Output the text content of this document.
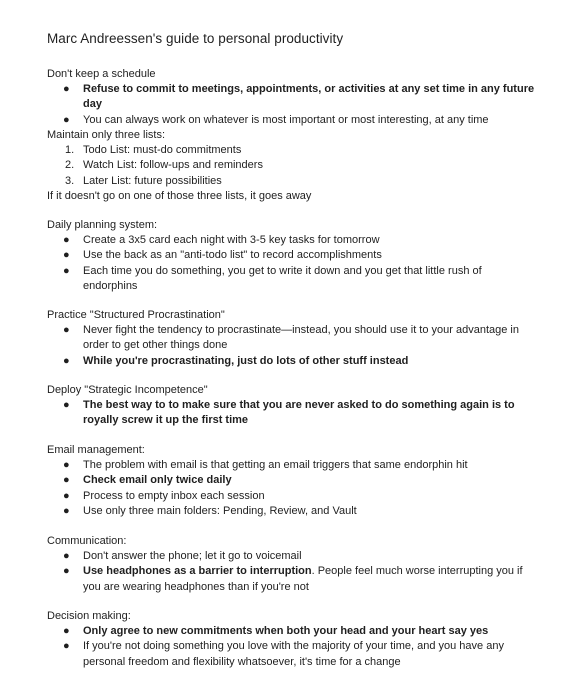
Marc Andreessen's guide to personal productivity
Don't keep a schedule
● Refuse to commit to meetings, appointments, or activities at any set time in any future day
● You can always work on whatever is most important or most interesting, at any time
Maintain only three lists:
1. Todo List: must-do commitments
2. Watch List: follow-ups and reminders
3. Later List: future possibilities
If it doesn't go on one of those three lists, it goes away
Daily planning system:
● Create a 3x5 card each night with 3-5 key tasks for tomorrow
● Use the back as an "anti-todo list" to record accomplishments
● Each time you do something, you get to write it down and you get that little rush of endorphins
Practice "Structured Procrastination"
● Never fight the tendency to procrastinate—instead, you should use it to your advantage in order to get other things done
● While you're procrastinating, just do lots of other stuff instead
Deploy "Strategic Incompetence"
● The best way to to make sure that you are never asked to do something again is to royally screw it up the first time
Email management:
● The problem with email is that getting an email triggers that same endorphin hit
● Check email only twice daily
● Process to empty inbox each session
● Use only three main folders: Pending, Review, and Vault
Communication:
● Don't answer the phone; let it go to voicemail
● Use headphones as a barrier to interruption. People feel much worse interrupting you if you are wearing headphones than if you're not
Decision making:
● Only agree to new commitments when both your head and your heart say yes
● If you're not doing something you love with the majority of your time, and you have any personal freedom and flexibility whatsoever, it's time for a change
